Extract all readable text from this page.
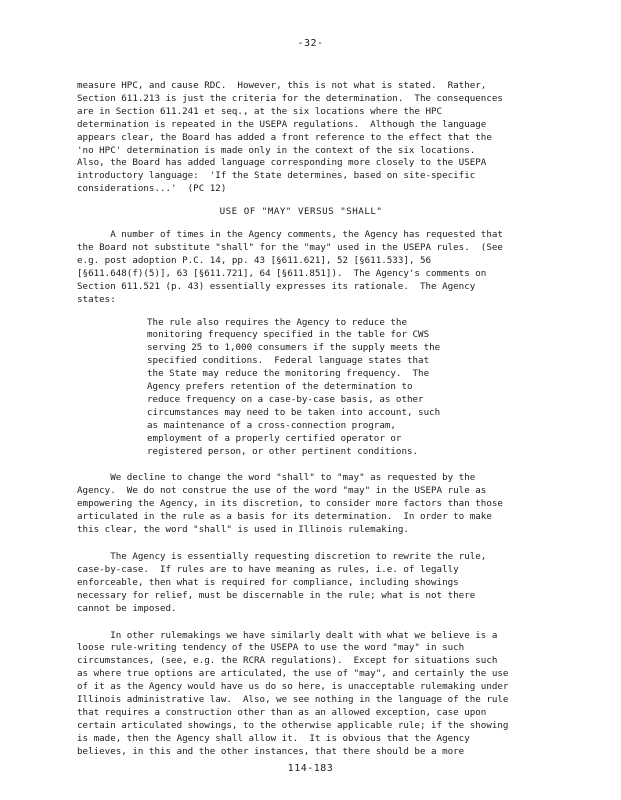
-32-

measure HPC, and cause RDC.  However, this is not what is stated.  Rather,
Section 611.213 is just the criteria for the determination.  The consequences
are in Section 611.241 et seq., at the six locations where the HPC
determination is repeated in the USEPA regulations.  Although the language
appears clear, the Board has added a front reference to the effect that the
'no HPC' determination is made only in the context of the six locations.
Also, the Board has added language corresponding more closely to the USEPA
introductory language:  'If the State determines, based on site-specific
considerations...'  (PC 12)

USE OF "MAY" VERSUS "SHALL"

A number of times in the Agency comments, the Agency has requested that
the Board not substitute "shall" for the "may" used in the USEPA rules.  (See
e.g. post adoption P.C. 14, pp. 43 [§611.621], 52 [§611.533], 56
[§611.648(f)(5)], 63 [§611.721], 64 [§611.851]).  The Agency's comments on
Section 611.521 (p. 43) essentially expresses its rationale.  The Agency
states:

The rule also requires the Agency to reduce the
monitoring frequency specified in the table for CWS
serving 25 to 1,000 consumers if the supply meets the
specified conditions.  Federal language states that
the State may reduce the monitoring frequency.  The
Agency prefers retention of the determination to
reduce frequency on a case-by-case basis, as other
circumstances may need to be taken into account, such
as maintenance of a cross-connection program,
employment of a properly certified operator or
registered person, or other pertinent conditions.

We decline to change the word "shall" to "may" as requested by the
Agency.  We do not construe the use of the word "may" in the USEPA rule as
empowering the Agency, in its discretion, to consider more factors than those
articulated in the rule as a basis for its determination.  In order to make
this clear, the word "shall" is used in Illinois rulemaking.

The Agency is essentially requesting discretion to rewrite the rule,
case-by-case.  If rules are to have meaning as rules, i.e. of legally
enforceable, then what is required for compliance, including showings
necessary for relief, must be discernable in the rule; what is not there
cannot be imposed.

In other rulemakings we have similarly dealt with what we believe is a
loose rule-writing tendency of the USEPA to use the word "may" in such
circumstances, (see, e.g. the RCRA regulations).  Except for situations such
as where true options are articulated, the use of "may", and certainly the use
of it as the Agency would have us do so here, is unacceptable rulemaking under
Illinois administrative law.  Also, we see nothing in the language of the rule
that requires a construction other than as an allowed exception, case upon
certain articulated showings, to the otherwise applicable rule; if the showing
is made, then the Agency shall allow it.  It is obvious that the Agency
believes, in this and the other instances, that there should be a more

114-183
